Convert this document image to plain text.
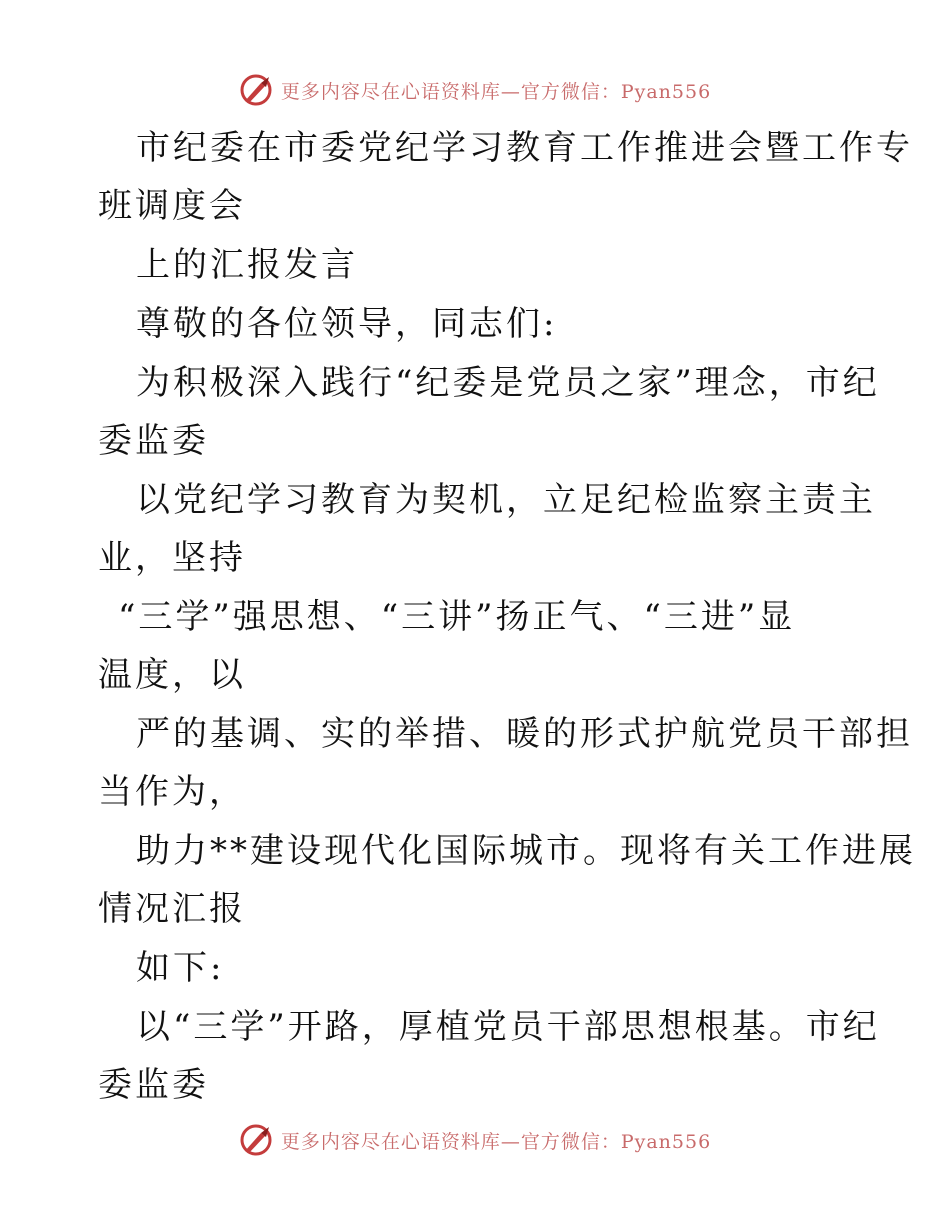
更多内容尽在心语资料库—官方微信：Pyan556
市纪委在市委党纪学习教育工作推进会暨工作专
班调度会
上的汇报发言
尊敬的各位领导，同志们:
为积极深入践行“纪委是党员之家”理念，市纪
委监委
以党纪学习教育为契机，立足纪检监察主责主
业，坚持
“三学”强思想、“三讲”扬正气、“三进”显
温度，以
严的基调、实的举措、暖的形式护航党员干部担
当作为，
助力**建设现代化国际城市。现将有关工作进展
情况汇报
如下:
以“三学”开路，厚植党员干部思想根基。市纪
委监委
更多内容尽在心语资料库—官方微信：Pyan556
